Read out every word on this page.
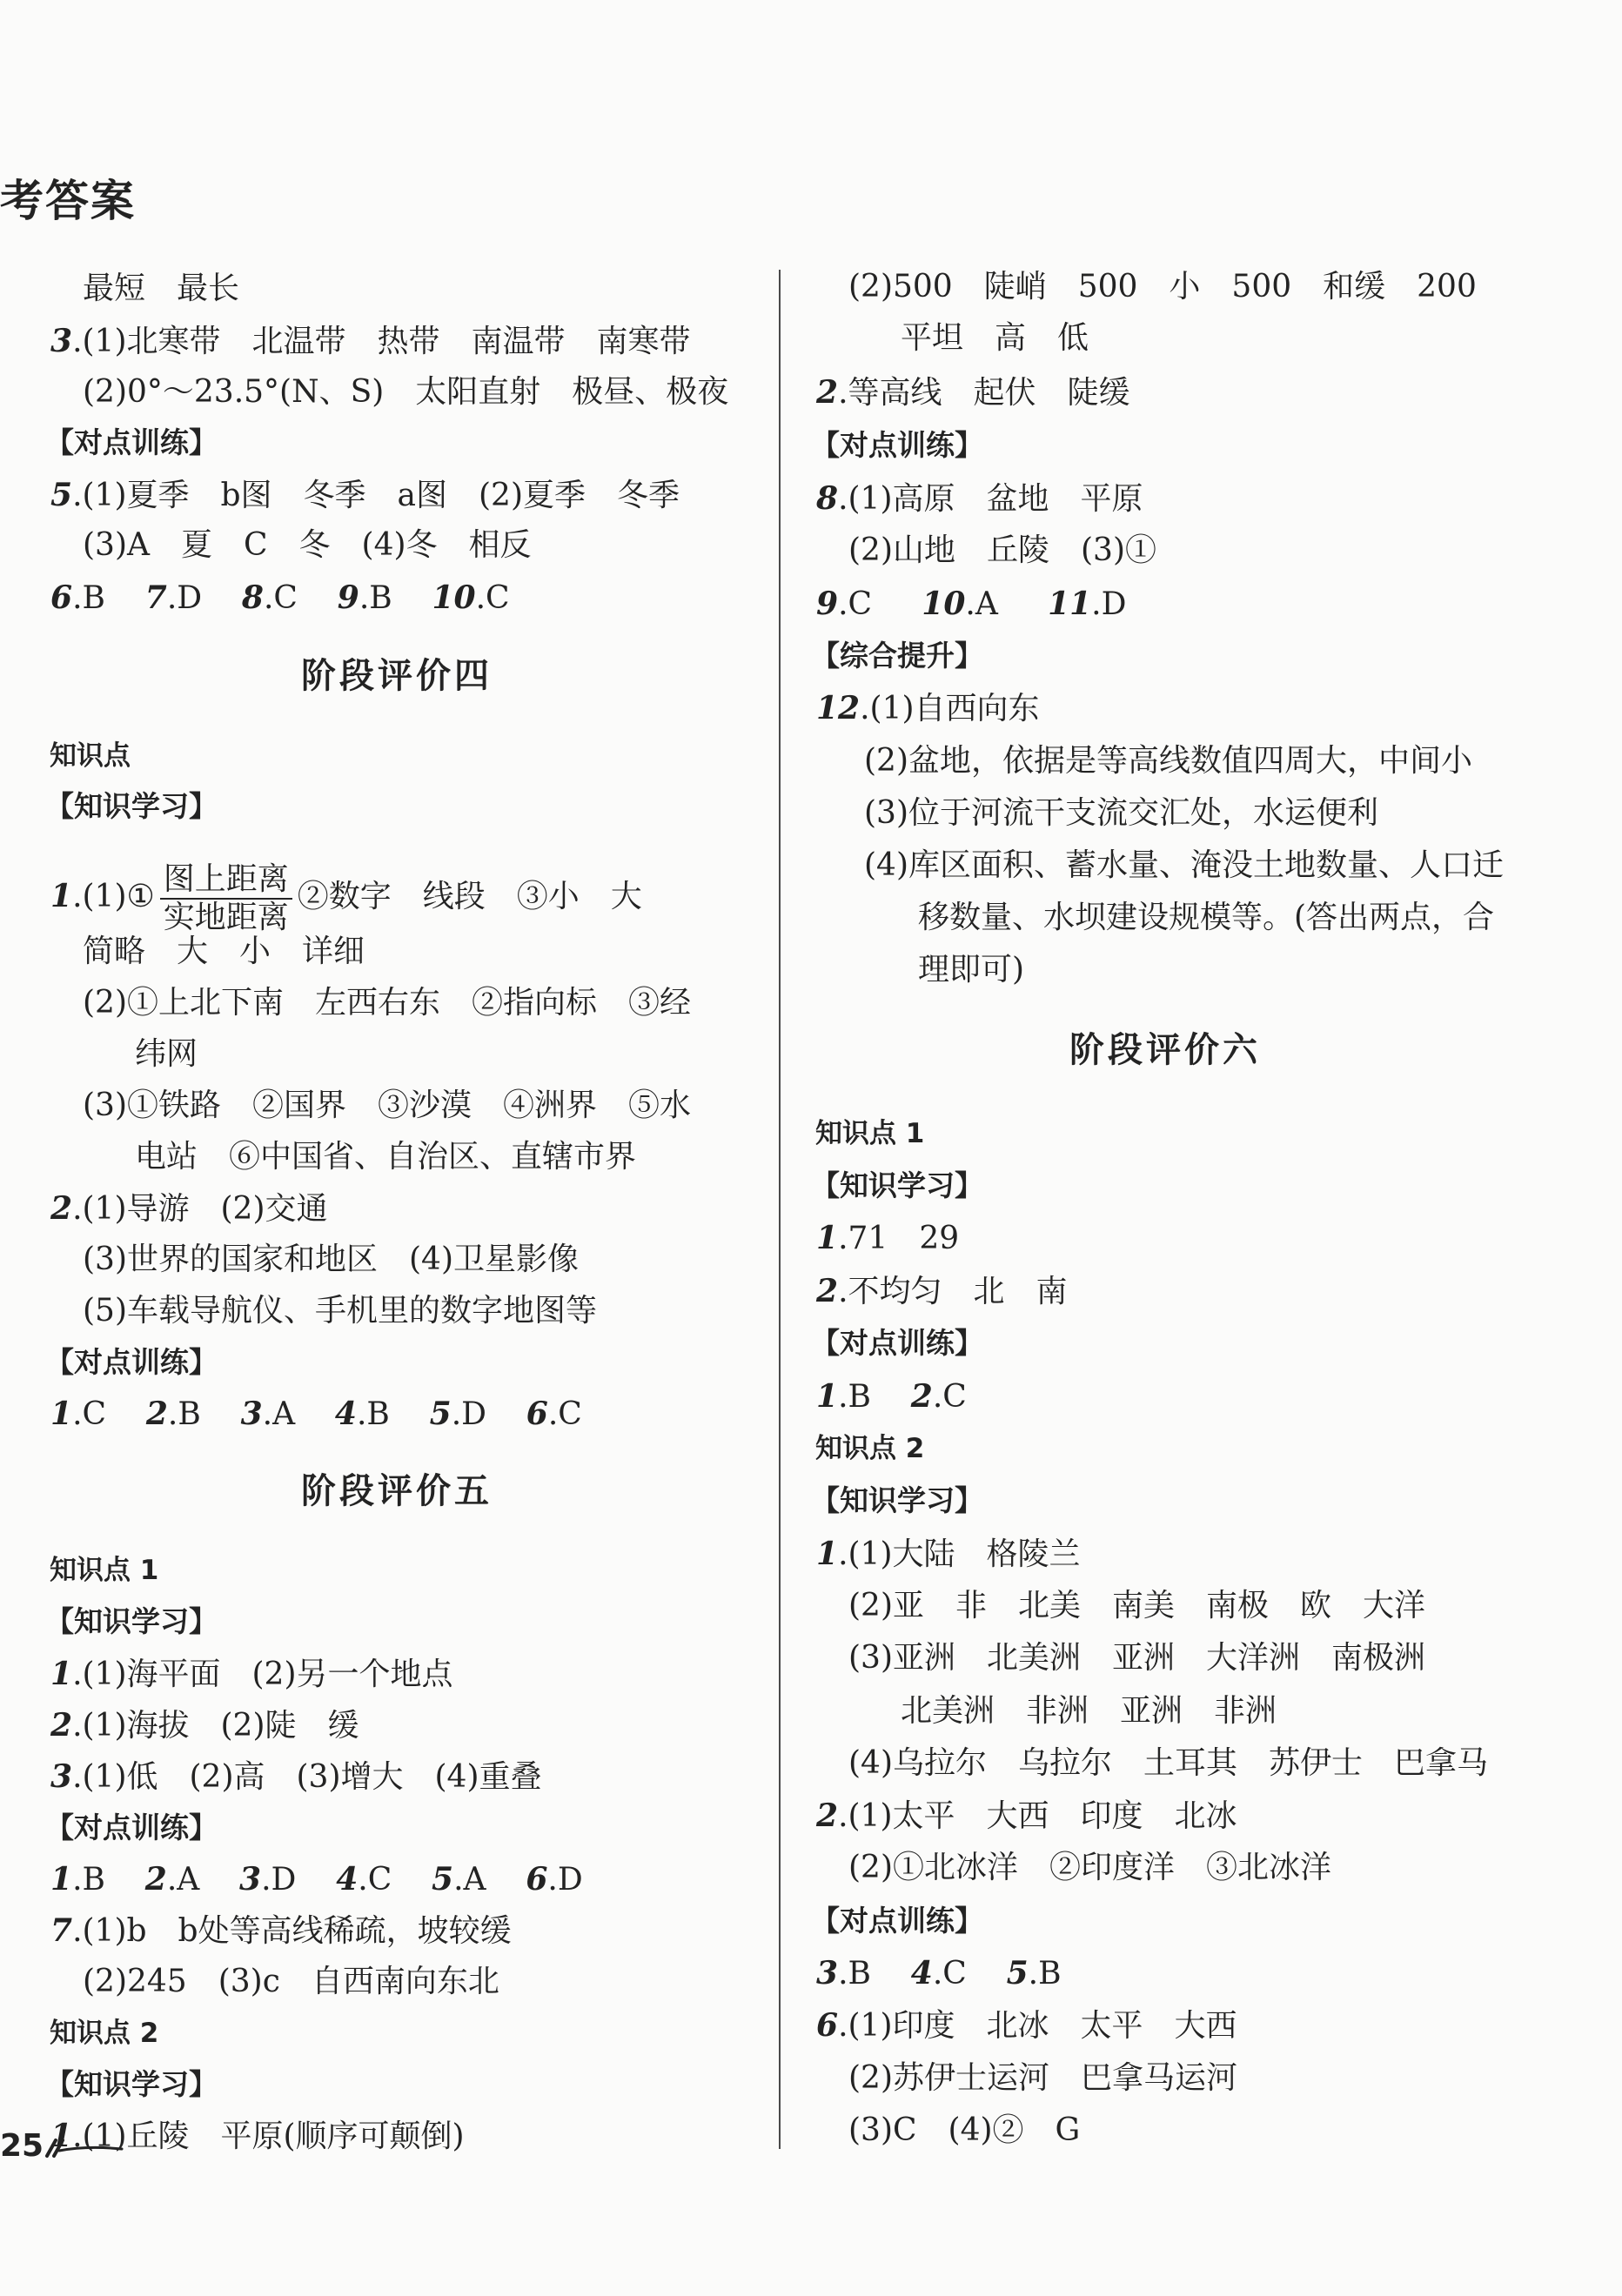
考答案
最短　最长
3.(1)北寒带　北温带　热带　南温带　南寒带
(2)0°～23.5°(N、S)　太阳直射　极昼、极夜
【对点训练】
5.(1)夏季　b图　冬季　a图　(2)夏季　冬季
(3)A　夏　C　冬　(4)冬　相反
6.B 7.D 8.C 9.B 10.C
阶段评价四
知识点
【知识学习】
1.(1)① $\frac{\text{图上距离}}{\text{实地距离}}$ ②数字　线段　③小　大
简略　大　小　详细
(2)①上北下南　左西右东　②指向标　③经
纬网
(3)①铁路　②国界　③沙漠　④洲界　⑤水
电站　⑥中国省、自治区、直辖市界
2.(1)导游　(2)交通
(3)世界的国家和地区　(4)卫星影像
(5)车载导航仪、手机里的数字地图等
【对点训练】
1.C 2.B 3.A 4.B 5.D 6.C
阶段评价五
知识点 1
【知识学习】
1.(1)海平面　(2)另一个地点
2.(1)海拔　(2)陡　缓
3.(1)低　(2)高　(3)增大　(4)重叠
【对点训练】
1.B 2.A 3.D 4.C 5.A 6.D
7.(1)b　b处等高线稀疏，坡较缓
(2)245　(3)c　自西南向东北
知识点 2
【知识学习】
1.(1)丘陵　平原(顺序可颠倒)
(2)500　陡峭　500　小　500　和缓　200
平坦　高　低
2.等高线　起伏　陡缓
【对点训练】
8.(1)高原　盆地　平原
(2)山地　丘陵　(3)①
9.C 10.A 11.D
【综合提升】
12.(1)自西向东
(2)盆地，依据是等高线数值四周大，中间小
(3)位于河流干支流交汇处，水运便利
(4)库区面积、蓄水量、淹没土地数量、人口迁
移数量、水坝建设规模等。(答出两点，合
理即可)
阶段评价六
知识点 1
【知识学习】
1.71　29
2.不均匀　北　南
【对点训练】
1.B 2.C
知识点 2
【知识学习】
1.(1)大陆　格陵兰
(2)亚　非　北美　南美　南极　欧　大洋
(3)亚洲　北美洲　亚洲　大洋洲　南极洲
北美洲　非洲　亚洲　非洲
(4)乌拉尔　乌拉尔　土耳其　苏伊士　巴拿马
2.(1)太平　大西　印度　北冰
(2)①北冰洋　②印度洋　③北冰洋
【对点训练】
3.B 4.C 5.B
6.(1)印度　北冰　太平　大西
(2)苏伊士运河　巴拿马运河
(3)C　(4)②　G
25
